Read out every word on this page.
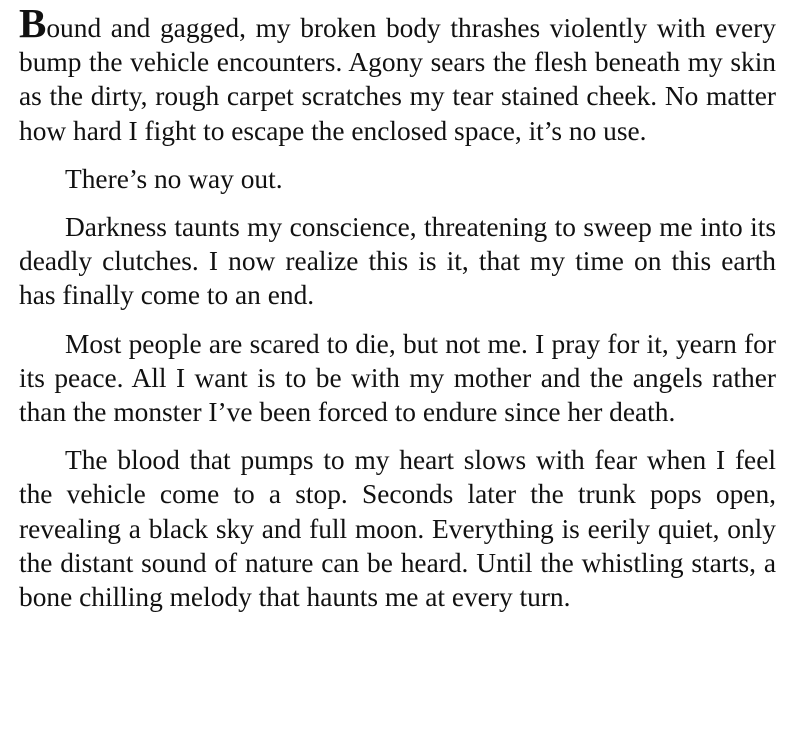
Bound and gagged, my broken body thrashes violently with every bump the vehicle encounters. Agony sears the flesh beneath my skin as the dirty, rough carpet scratches my tear stained cheek. No matter how hard I fight to escape the enclosed space, it’s no use.

There’s no way out.

Darkness taunts my conscience, threatening to sweep me into its deadly clutches. I now realize this is it, that my time on this earth has finally come to an end.

Most people are scared to die, but not me. I pray for it, yearn for its peace. All I want is to be with my mother and the angels rather than the monster I’ve been forced to endure since her death.

The blood that pumps to my heart slows with fear when I feel the vehicle come to a stop. Seconds later the trunk pops open, revealing a black sky and full moon. Everything is eerily quiet, only the distant sound of nature can be heard. Until the whistling starts, a bone chilling melody that haunts me at every turn.
